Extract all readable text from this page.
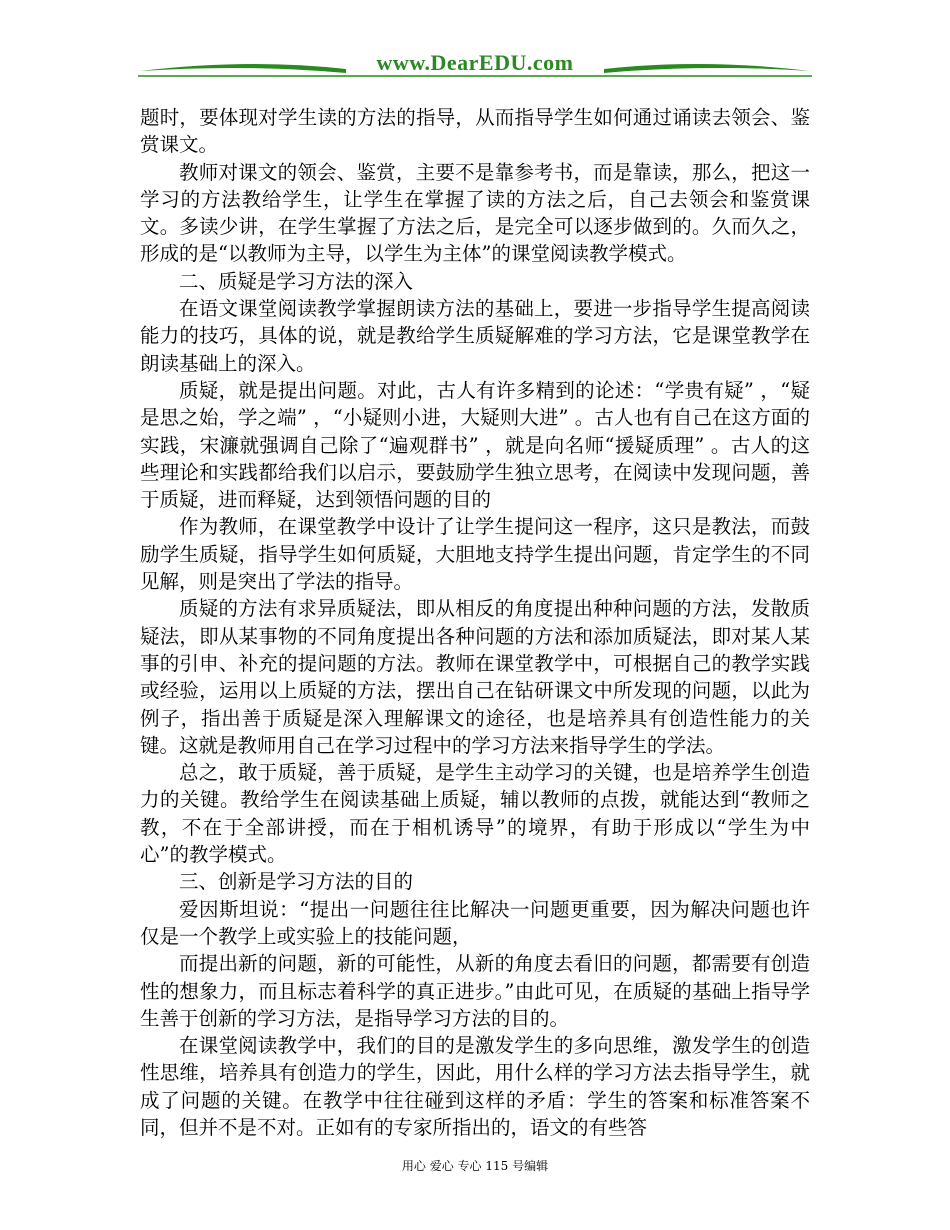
www.DearEDU.com

题时，要体现对学生读的方法的指导，从而指导学生如何通过诵读去领会、鉴赏课文。

教师对课文的领会、鉴赏，主要不是靠参考书，而是靠读，那么，把这一学习的方法教给学生，让学生在掌握了读的方法之后，自己去领会和鉴赏课文。多读少讲，在学生掌握了方法之后，是完全可以逐步做到的。久而久之，形成的是“以教师为主导，以学生为主体”的课堂阅读教学模式。

二、质疑是学习方法的深入

在语文课堂阅读教学掌握朗读方法的基础上，要进一步指导学生提高阅读能力的技巧，具体的说，就是教给学生质疑解难的学习方法，它是课堂教学在朗读基础上的深入。

质疑，就是提出问题。对此，古人有许多精到的论述：“学贵有疑” ，“疑是思之始，学之端” ，“小疑则小进，大疑则大进” 。古人也有自己在这方面的实践，宋濂就强调自己除了“遍观群书” ，就是向名师“援疑质理” 。古人的这些理论和实践都给我们以启示，要鼓励学生独立思考，在阅读中发现问题，善于质疑，进而释疑，达到领悟问题的目的

作为教师，在课堂教学中设计了让学生提问这一程序，这只是教法，而鼓励学生质疑，指导学生如何质疑，大胆地支持学生提出问题，肯定学生的不同见解，则是突出了学法的指导。

质疑的方法有求异质疑法，即从相反的角度提出种种问题的方法，发散质疑法，即从某事物的不同角度提出各种问题的方法和添加质疑法，即对某人某事的引申、补充的提问题的方法。教师在课堂教学中，可根据自己的教学实践或经验，运用以上质疑的方法，摆出自己在钻研课文中所发现的问题，以此为例子，指出善于质疑是深入理解课文的途径，也是培养具有创造性能力的关键。这就是教师用自己在学习过程中的学习方法来指导学生的学法。

总之，敢于质疑，善于质疑，是学生主动学习的关键，也是培养学生创造力的关键。教给学生在阅读基础上质疑，辅以教师的点拨，就能达到“教师之教，不在于全部讲授，而在于相机诱导”的境界，有助于形成以“学生为中心”的教学模式。

三、创新是学习方法的目的

爱因斯坦说：“提出一问题往往比解决一问题更重要，因为解决问题也许仅是一个教学上或实验上的技能问题，

而提出新的问题，新的可能性，从新的角度去看旧的问题，都需要有创造性的想象力，而且标志着科学的真正进步。”由此可见，在质疑的基础上指导学生善于创新的学习方法，是指导学习方法的目的。

在课堂阅读教学中，我们的目的是激发学生的多向思维，激发学生的创造性思维，培养具有创造力的学生，因此，用什么样的学习方法去指导学生，就成了问题的关键。在教学中往往碰到这样的矛盾：学生的答案和标准答案不同，但并不是不对。正如有的专家所指出的，语文的有些答

用心 爱心 专心 115 号编辑
